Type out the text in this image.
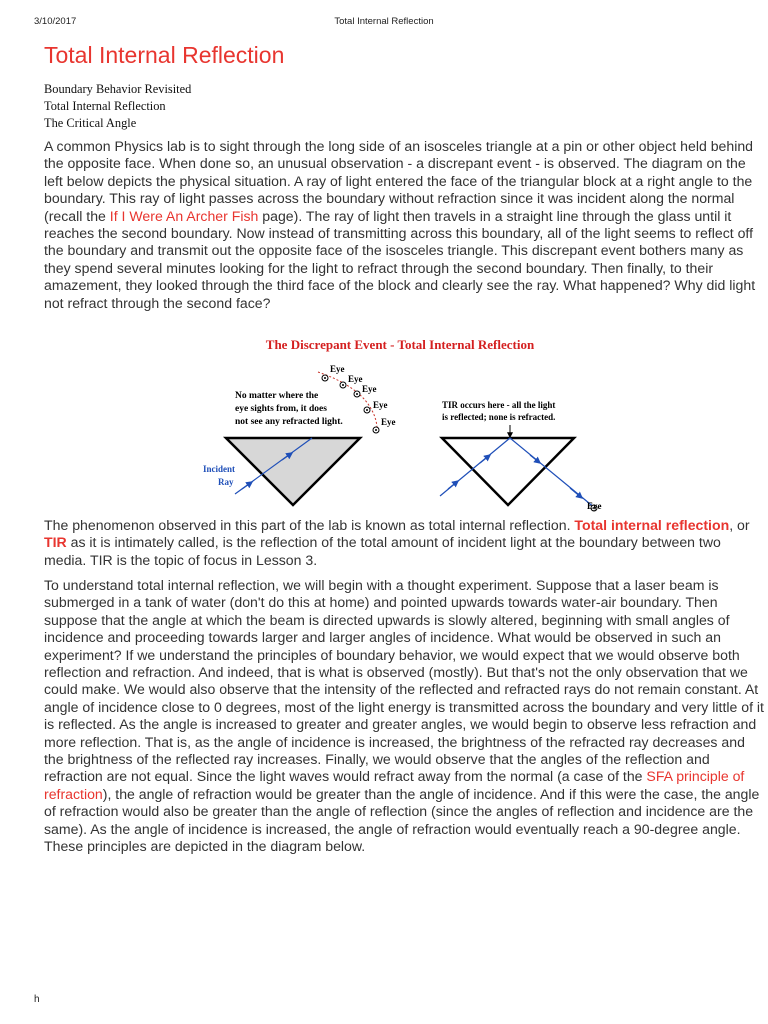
3/10/2017	Total Internal Reflection
Total Internal Reflection
Boundary Behavior Revisited
Total Internal Reflection
The Critical Angle

A common Physics lab is to sight through the long side of an isosceles triangle at a pin or other object held behind the opposite face. When done so, an unusual observation - a discrepant event - is observed. The diagram on the left below depicts the physical situation. A ray of light entered the face of the triangular block at a right angle to the boundary. This ray of light passes across the boundary without refraction since it was incident along the normal (recall the If I Were An Archer Fish page). The ray of light then travels in a straight line through the glass until it reaches the second boundary. Now instead of transmitting across this boundary, all of the light seems to reflect off the boundary and transmit out the opposite face of the isosceles triangle. This discrepant event bothers many as they spend several minutes looking for the light to refract through the second boundary. Then finally, to their amazement, they looked through the third face of the block and clearly see the ray. What happened? Why did light not refract through the second face?

The Discrepant Event - Total Internal Reflection
No matter where the
eye sights from, it does
not see any refracted light.
Eye
Eye
Eye
Eye
Eye
Incident
Ray
TIR occurs here - all the light
is reflected; none is refracted.
Eye

The phenomenon observed in this part of the lab is known as total internal reflection. Total internal reflection, or TIR as it is intimately called, is the reflection of the total amount of incident light at the boundary between two media. TIR is the topic of focus in Lesson 3.

To understand total internal reflection, we will begin with a thought experiment. Suppose that a laser beam is submerged in a tank of water (don't do this at home) and pointed upwards towards water-air boundary. Then suppose that the angle at which the beam is directed upwards is slowly altered, beginning with small angles of incidence and proceeding towards larger and larger angles of incidence. What would be observed in such an experiment? If we understand the principles of boundary behavior, we would expect that we would observe both reflection and refraction. And indeed, that is what is observed (mostly). But that's not the only observation that we could make. We would also observe that the intensity of the reflected and refracted rays do not remain constant. At angle of incidence close to 0 degrees, most of the light energy is transmitted across the boundary and very little of it is reflected. As the angle is increased to greater and greater angles, we would begin to observe less refraction and more reflection. That is, as the angle of incidence is increased, the brightness of the refracted ray decreases and the brightness of the reflected ray increases. Finally, we would observe that the angles of the reflection and refraction are not equal. Since the light waves would refract away from the normal (a case of the SFA principle of refraction), the angle of refraction would be greater than the angle of incidence. And if this were the case, the angle of refraction would also be greater than the angle of reflection (since the angles of reflection and incidence are the same). As the angle of incidence is increased, the angle of refraction would eventually reach a 90-degree angle. These principles are depicted in the diagram below.

h
